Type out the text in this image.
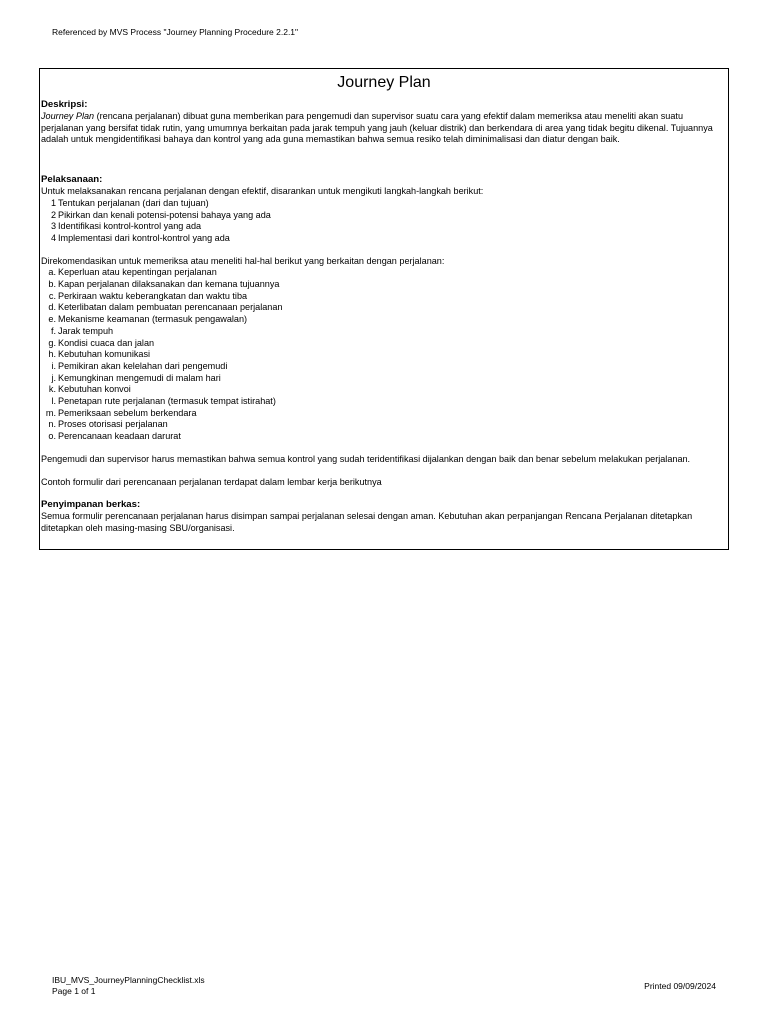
Referenced by MVS Process "Journey Planning Procedure 2.2.1"
Journey Plan
Deskripsi:

Journey Plan (rencana perjalanan) dibuat guna memberikan para pengemudi dan supervisor suatu cara yang efektif dalam memeriksa atau meneliti akan suatu perjalanan yang bersifat tidak rutin, yang umumnya berkaitan pada jarak tempuh yang jauh (keluar distrik) dan berkendara di area yang tidak begitu dikenal. Tujuannya adalah untuk mengidentifikasi bahaya dan kontrol yang ada guna memastikan bahwa semua resiko telah diminimalisasi dan diatur dengan baik.

Pelaksanaan:

Untuk melaksanakan rencana perjalanan dengan efektif, disarankan untuk mengikuti langkah-langkah berikut:

1 Tentukan perjalanan (dari dan tujuan)
2 Pikirkan dan kenali potensi-potensi bahaya yang ada
3 Identifikasi kontrol-kontrol yang ada
4 Implementasi dari kontrol-kontrol yang ada

Direkomendasikan untuk memeriksa atau meneliti hal-hal berikut yang berkaitan dengan perjalanan:

a. Keperluan atau kepentingan perjalanan
b. Kapan perjalanan dilaksanakan dan kemana tujuannya
c. Perkiraan waktu keberangkatan dan waktu tiba
d. Keterlibatan dalam pembuatan perencanaan perjalanan
e. Mekanisme keamanan (termasuk pengawalan)
f. Jarak tempuh
g. Kondisi cuaca dan jalan
h. Kebutuhan komunikasi
i. Pemikiran akan kelelahan dari pengemudi
j. Kemungkinan mengemudi di malam hari
k. Kebutuhan konvoi
l. Penetapan rute perjalanan (termasuk tempat istirahat)
m. Pemeriksaan sebelum berkendara
n. Proses otorisasi perjalanan
o. Perencanaan keadaan darurat

Pengemudi dan supervisor harus memastikan bahwa semua kontrol yang sudah teridentifikasi dijalankan dengan baik dan benar sebelum melakukan perjalanan.

Contoh formulir dari perencanaan perjalanan terdapat dalam lembar kerja berikutnya

Penyimpanan berkas:

Semua formulir perencanaan perjalanan harus disimpan sampai perjalanan selesai dengan aman. Kebutuhan akan perpanjangan Rencana Perjalanan ditetapkan ditetapkan oleh masing-masing SBU/organisasi.

IBU_MVS_JourneyPlanningChecklist.xls
Page 1 of 1	Printed 09/09/2024
